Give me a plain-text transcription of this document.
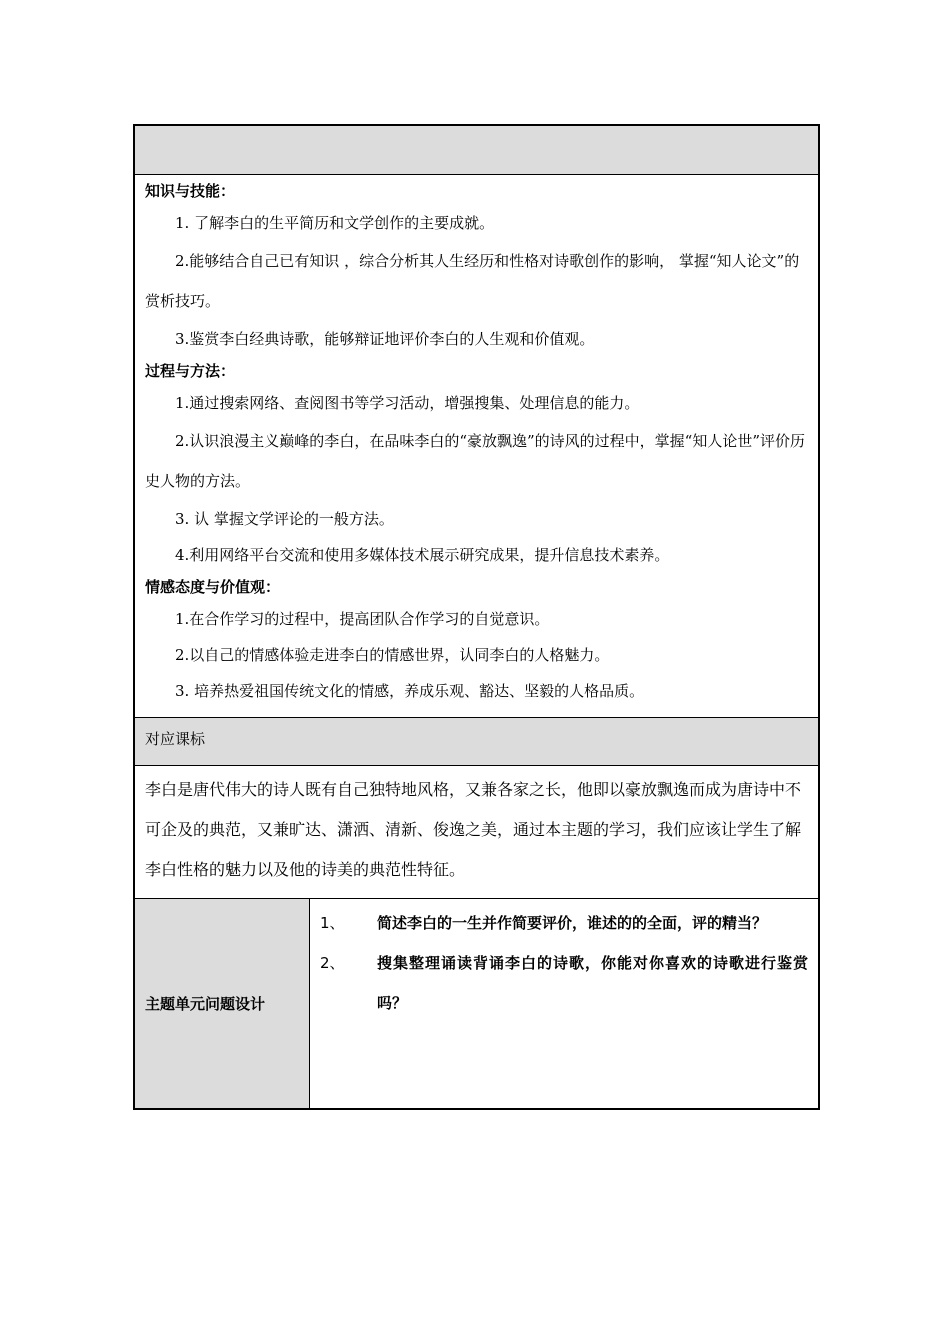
知识与技能：

1. 了解李白的生平简历和文学创作的主要成就。

2.能够结合自己已有知识 ，综合分析其人生经历和性格对诗歌创作的影响， 掌握“知人论文”的赏析技巧。

3.鉴赏李白经典诗歌，能够辩证地评价李白的人生观和价值观。

过程与方法：

1.通过搜索网络、查阅图书等学习活动，增强搜集、处理信息的能力。

2.认识浪漫主义巅峰的李白，在品味李白的“豪放飘逸”的诗风的过程中，掌握“知人论世”评价历史人物的方法。

3. 认 掌握文学评论的一般方法。

4.利用网络平台交流和使用多媒体技术展示研究成果，提升信息技术素养。

情感态度与价值观：

1.在合作学习的过程中，提高团队合作学习的自觉意识。

2.以自己的情感体验走进李白的情感世界，认同李白的人格魅力。

3. 培养热爱祖国传统文化的情感，养成乐观、豁达、坚毅的人格品质。

对应课标
李白是唐代伟大的诗人既有自己独特地风格，又兼各家之长，他即以豪放飘逸而成为唐诗中不可企及的典范，又兼旷达、潇洒、清新、俊逸之美，通过本主题的学习，我们应该让学生了解李白性格的魅力以及他的诗美的典范性特征。
主题单元问题设计
1、	简述李白的一生并作简要评价，谁述的的全面，评的精当？
2、	搜集整理诵读背诵李白的诗歌，你能对你喜欢的诗歌进行鉴赏吗？
